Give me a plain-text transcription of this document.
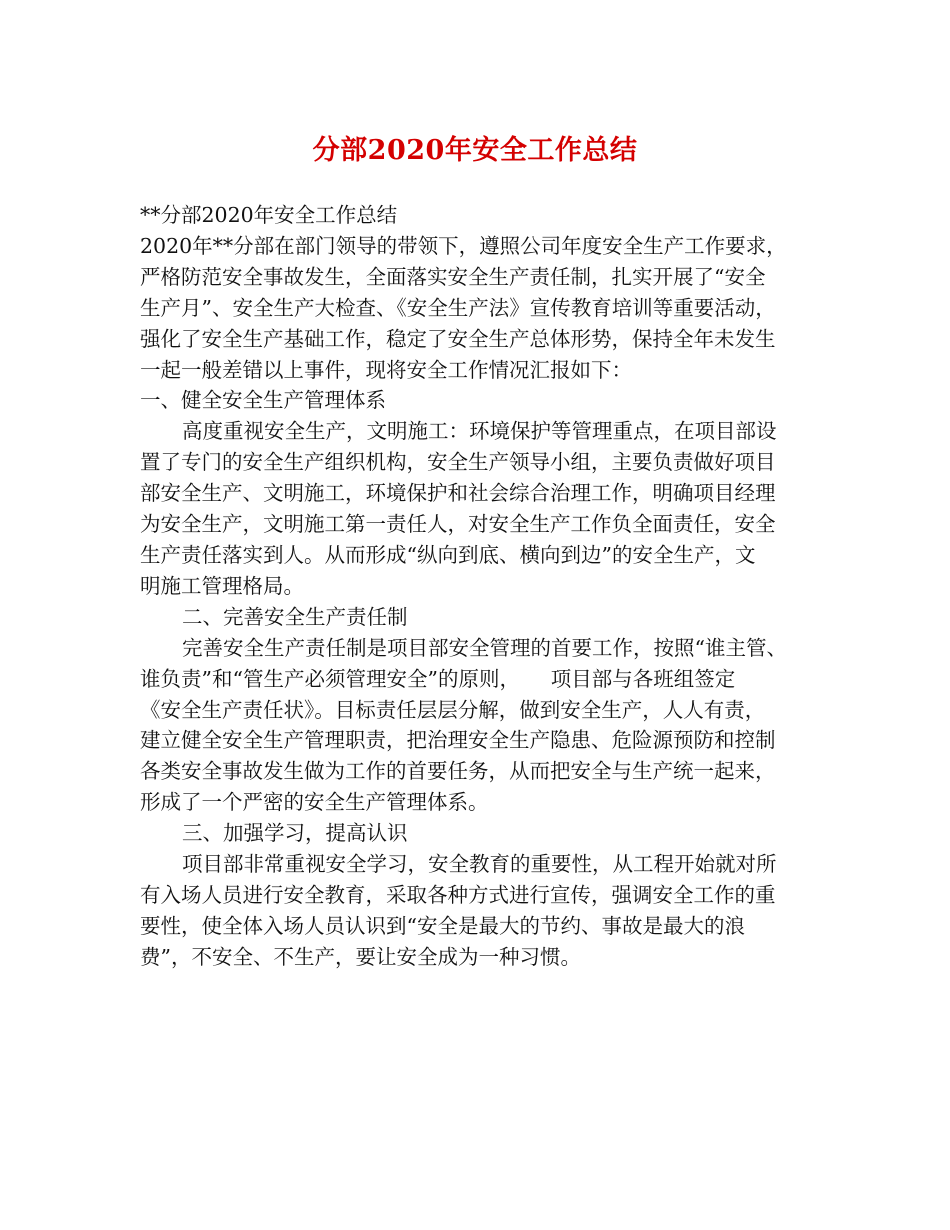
分部2020年安全工作总结
**分部2020年安全工作总结
2020年**分部在部门领导的带领下，遵照公司年度安全生产工作要求，
严格防范安全事故发生，全面落实安全生产责任制，扎实开展了“安全
生产月”、安全生产大检查、《安全生产法》宣传教育培训等重要活动，
强化了安全生产基础工作，稳定了安全生产总体形势，保持全年未发生
一起一般差错以上事件，现将安全工作情况汇报如下：
一、健全安全生产管理体系
高度重视安全生产，文明施工：环境保护等管理重点，在项目部设
置了专门的安全生产组织机构，安全生产领导小组，主要负责做好项目
部安全生产、文明施工，环境保护和社会综合治理工作，明确项目经理
为安全生产，文明施工第一责任人，对安全生产工作负全面责任，安全
生产责任落实到人。从而形成“纵向到底、横向到边”的安全生产，文
明施工管理格局。
二、完善安全生产责任制
完善安全生产责任制是项目部安全管理的首要工作，按照“谁主管、
谁负责”和“管生产必须管理安全”的原则，　　项目部与各班组签定
《安全生产责任状》。目标责任层层分解，做到安全生产，人人有责，
建立健全安全生产管理职责，把治理安全生产隐患、危险源预防和控制
各类安全事故发生做为工作的首要任务，从而把安全与生产统一起来，
形成了一个严密的安全生产管理体系。
三、加强学习，提高认识
项目部非常重视安全学习，安全教育的重要性，从工程开始就对所
有入场人员进行安全教育，采取各种方式进行宣传，强调安全工作的重
要性，使全体入场人员认识到“安全是最大的节约、事故是最大的浪
费”，不安全、不生产，要让安全成为一种习惯。
